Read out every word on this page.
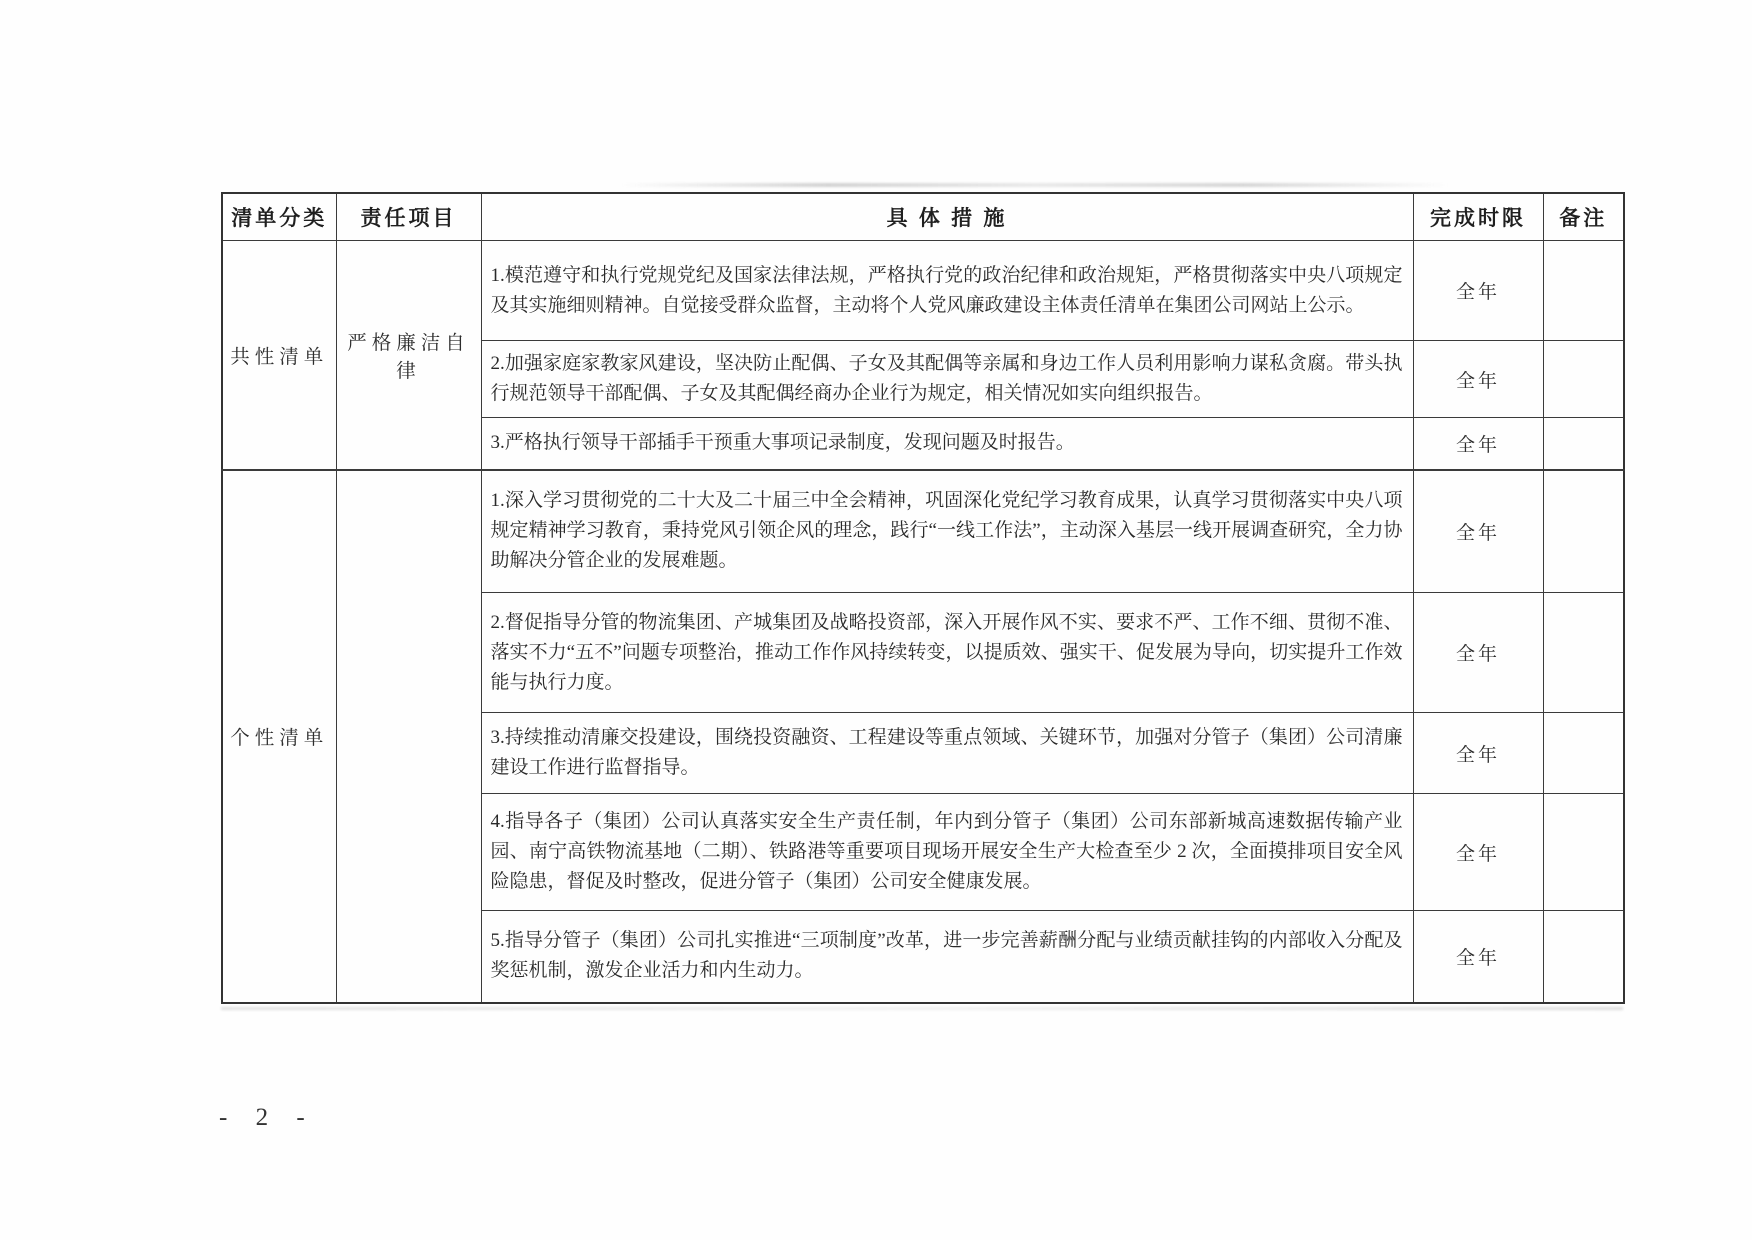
清单分类	责任项目	具 体 措 施	完成时限	备注
共性清单	严格廉洁自律	1.模范遵守和执行党规党纪及国家法律法规，严格执行党的政治纪律和政治规矩，严格贯彻落实中央八项规定及其实施细则精神。自觉接受群众监督，主动将个人党风廉政建设主体责任清单在集团公司网站上公示。	全年	
		2.加强家庭家教家风建设，坚决防止配偶、子女及其配偶等亲属和身边工作人员利用影响力谋私贪腐。带头执行规范领导干部配偶、子女及其配偶经商办企业行为规定，相关情况如实向组织报告。	全年	
		3.严格执行领导干部插手干预重大事项记录制度，发现问题及时报告。	全年	
个性清单		1.深入学习贯彻党的二十大及二十届三中全会精神，巩固深化党纪学习教育成果，认真学习贯彻落实中央八项规定精神学习教育，秉持党风引领企风的理念，践行“一线工作法”，主动深入基层一线开展调查研究，全力协助解决分管企业的发展难题。	全年	
		2.督促指导分管的物流集团、产城集团及战略投资部，深入开展作风不实、要求不严、工作不细、贯彻不准、落实不力“五不”问题专项整治，推动工作作风持续转变，以提质效、强实干、促发展为导向，切实提升工作效能与执行力度。	全年	
		3.持续推动清廉交投建设，围绕投资融资、工程建设等重点领域、关键环节，加强对分管子（集团）公司清廉建设工作进行监督指导。	全年	
		4.指导各子（集团）公司认真落实安全生产责任制，年内到分管子（集团）公司东部新城高速数据传输产业园、南宁高铁物流基地（二期）、铁路港等重要项目现场开展安全生产大检查至少 2 次，全面摸排项目安全风险隐患，督促及时整改，促进分管子（集团）公司安全健康发展。	全年	
		5.指导分管子（集团）公司扎实推进“三项制度”改革，进一步完善薪酬分配与业绩贡献挂钩的内部收入分配及奖惩机制，激发企业活力和内生动力。	全年	
- 2 -
